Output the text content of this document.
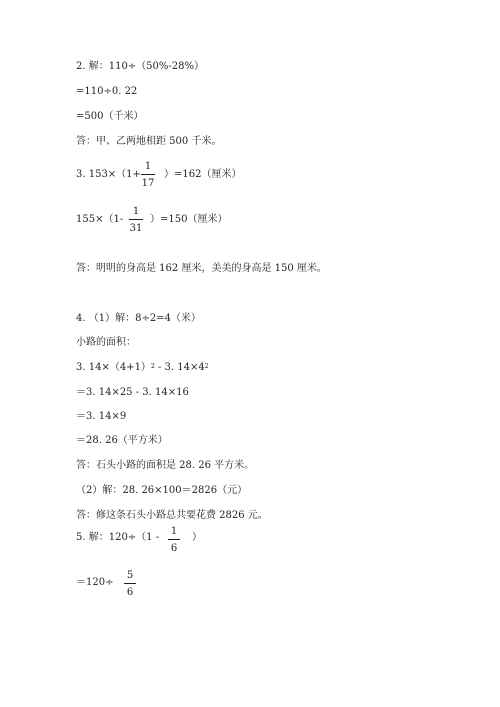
2. 解：110÷（50%-28%）
=110÷0. 22
=500（千米）
答：甲、乙两地相距 500 千米。
3. 153×（1+
1
17
）=162（厘米）
155×（1-
1
31
）=150（厘米）
答：明明的身高是 162 厘米，美美的身高是 150 厘米。
4. （1）解：8÷2=4（米）
小路的面积：
3. $14\times(4+1)^2 - 3$. $14\times 4^2$
＝3. 14×25 - 3. 14×16
＝3. 14×9
＝28. 26（平方米）
答：石头小路的面积是 28. 26 平方米。
（2）解：28. 26×100＝2826（元）
答：修这条石头小路总共要花费 2826 元。
5. 解：120÷（1 -
1
6
）
＝120÷
5
6
